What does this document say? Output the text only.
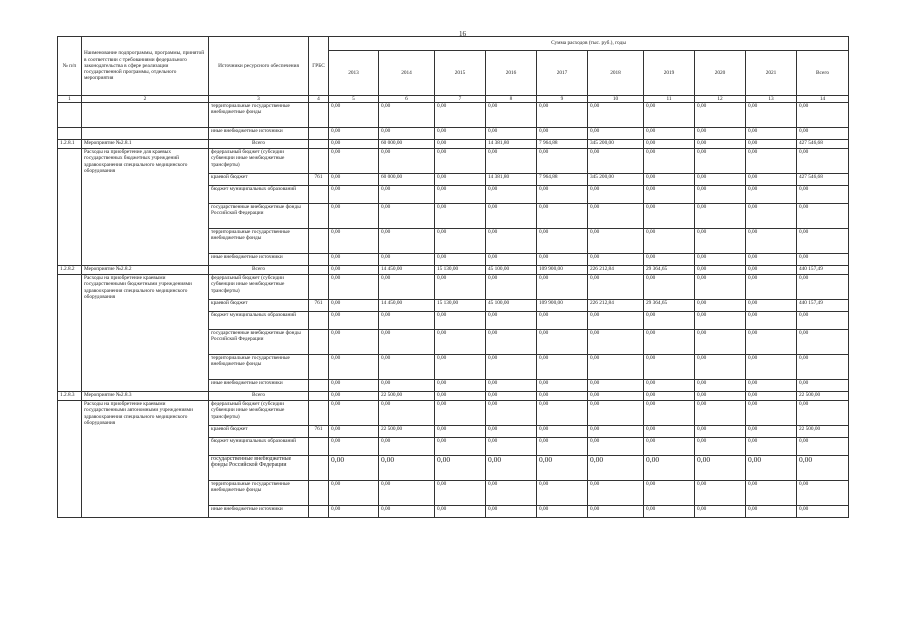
16
№ п/п	Наименование подпрограммы, программы, принятой в соответствии с требованиями федерального законодательства в сфере реализации государственной программы, отдельного мероприятия	Источники ресурсного обеспечения	ГРБС	Сумма расходов (тыс. руб.), годы									
				2013	2014	2015	2016	2017	2018	2019	2020	2021	Всего
1	2	3	4	5	6	7	8	9	10	11	12	13	14
		территориальные государственные внебюджетные фонды		0,00	0,00	0,00	0,00	0,00	0,00	0,00	0,00	0,00	0,00
		иные внебюджетные источники		0,00	0,00	0,00	0,00	0,00	0,00	0,00	0,00	0,00	0,00
1.2.8.1	Мероприятие №2.8.1	Всего		0,00	60 000,00	0,00	14 381,80	7 964,88	345 200,00	0,00	0,00	0,00	427 546,68
	Расходы на приобретение для краевых государственных бюджетных учреждений здравоохранения специального медицинского оборудования	федеральный бюджет (субсидии субвенции иные межбюджетные трансферты)		0,00	0,00	0,00	0,00	0,00	0,00	0,00	0,00	0,00	0,00
		краевой бюджет	761	0,00	60 000,00	0,00	14 381,80	7 964,88	345 200,00	0,00	0,00	0,00	427 546,68
		бюджет муниципальных образований		0,00	0,00	0,00	0,00	0,00	0,00	0,00	0,00	0,00	0,00
		государственные внебюджетные фонды Российской Федерации		0,00	0,00	0,00	0,00	0,00	0,00	0,00	0,00	0,00	0,00
		территориальные государственные внебюджетные фонды		0,00	0,00	0,00	0,00	0,00	0,00	0,00	0,00	0,00	0,00
		иные внебюджетные источники		0,00	0,00	0,00	0,00	0,00	0,00	0,00	0,00	0,00	0,00
1.2.8.2	Мероприятие №2.8.2	Всего		0,00	14 450,00	15 130,00	45 100,00	109 900,00	226 212,84	29 364,65	0,00	0,00	440 157,49
	Расходы на приобретение краевыми государственными бюджетными учреждениями здравоохранения специального медицинского оборудования	федеральный бюджет (субсидии субвенции иные межбюджетные трансферты)		0,00	0,00	0,00	0,00	0,00	0,00	0,00	0,00	0,00	0,00
		краевой бюджет	761	0,00	14 450,00	15 130,00	45 100,00	109 900,00	226 212,84	29 364,65	0,00	0,00	440 157,49
		бюджет муниципальных образований		0,00	0,00	0,00	0,00	0,00	0,00	0,00	0,00	0,00	0,00
		государственные внебюджетные фонды Российской Федерации		0,00	0,00	0,00	0,00	0,00	0,00	0,00	0,00	0,00	0,00
		территориальные государственные внебюджетные фонды		0,00	0,00	0,00	0,00	0,00	0,00	0,00	0,00	0,00	0,00
		иные внебюджетные источники		0,00	0,00	0,00	0,00	0,00	0,00	0,00	0,00	0,00	0,00
1.2.8.3	Мероприятие №2.8.3	Всего		0,00	22 500,00	0,00	0,00	0,00	0,00	0,00	0,00	0,00	22 500,00
	Расходы на приобретение краевыми государственными автономными учреждениями здравоохранения специального медицинского оборудования	федеральный бюджет (субсидии субвенции иные межбюджетные трансферты)		0,00	0,00	0,00	0,00	0,00	0,00	0,00	0,00	0,00	0,00
		краевой бюджет	761	0,00	22 500,00	0,00	0,00	0,00	0,00	0,00	0,00	0,00	22 500,00
		бюджет муниципальных образований		0,00	0,00	0,00	0,00	0,00	0,00	0,00	0,00	0,00	0,00
		государственные внебюджетные фонды Российской Федерации		0,00	0,00	0,00	0,00	0,00	0,00	0,00	0,00	0,00	0,00
		территориальные государственные внебюджетные фонды		0,00	0,00	0,00	0,00	0,00	0,00	0,00	0,00	0,00	0,00
		иные внебюджетные источники		0,00	0,00	0,00	0,00	0,00	0,00	0,00	0,00	0,00	0,00
